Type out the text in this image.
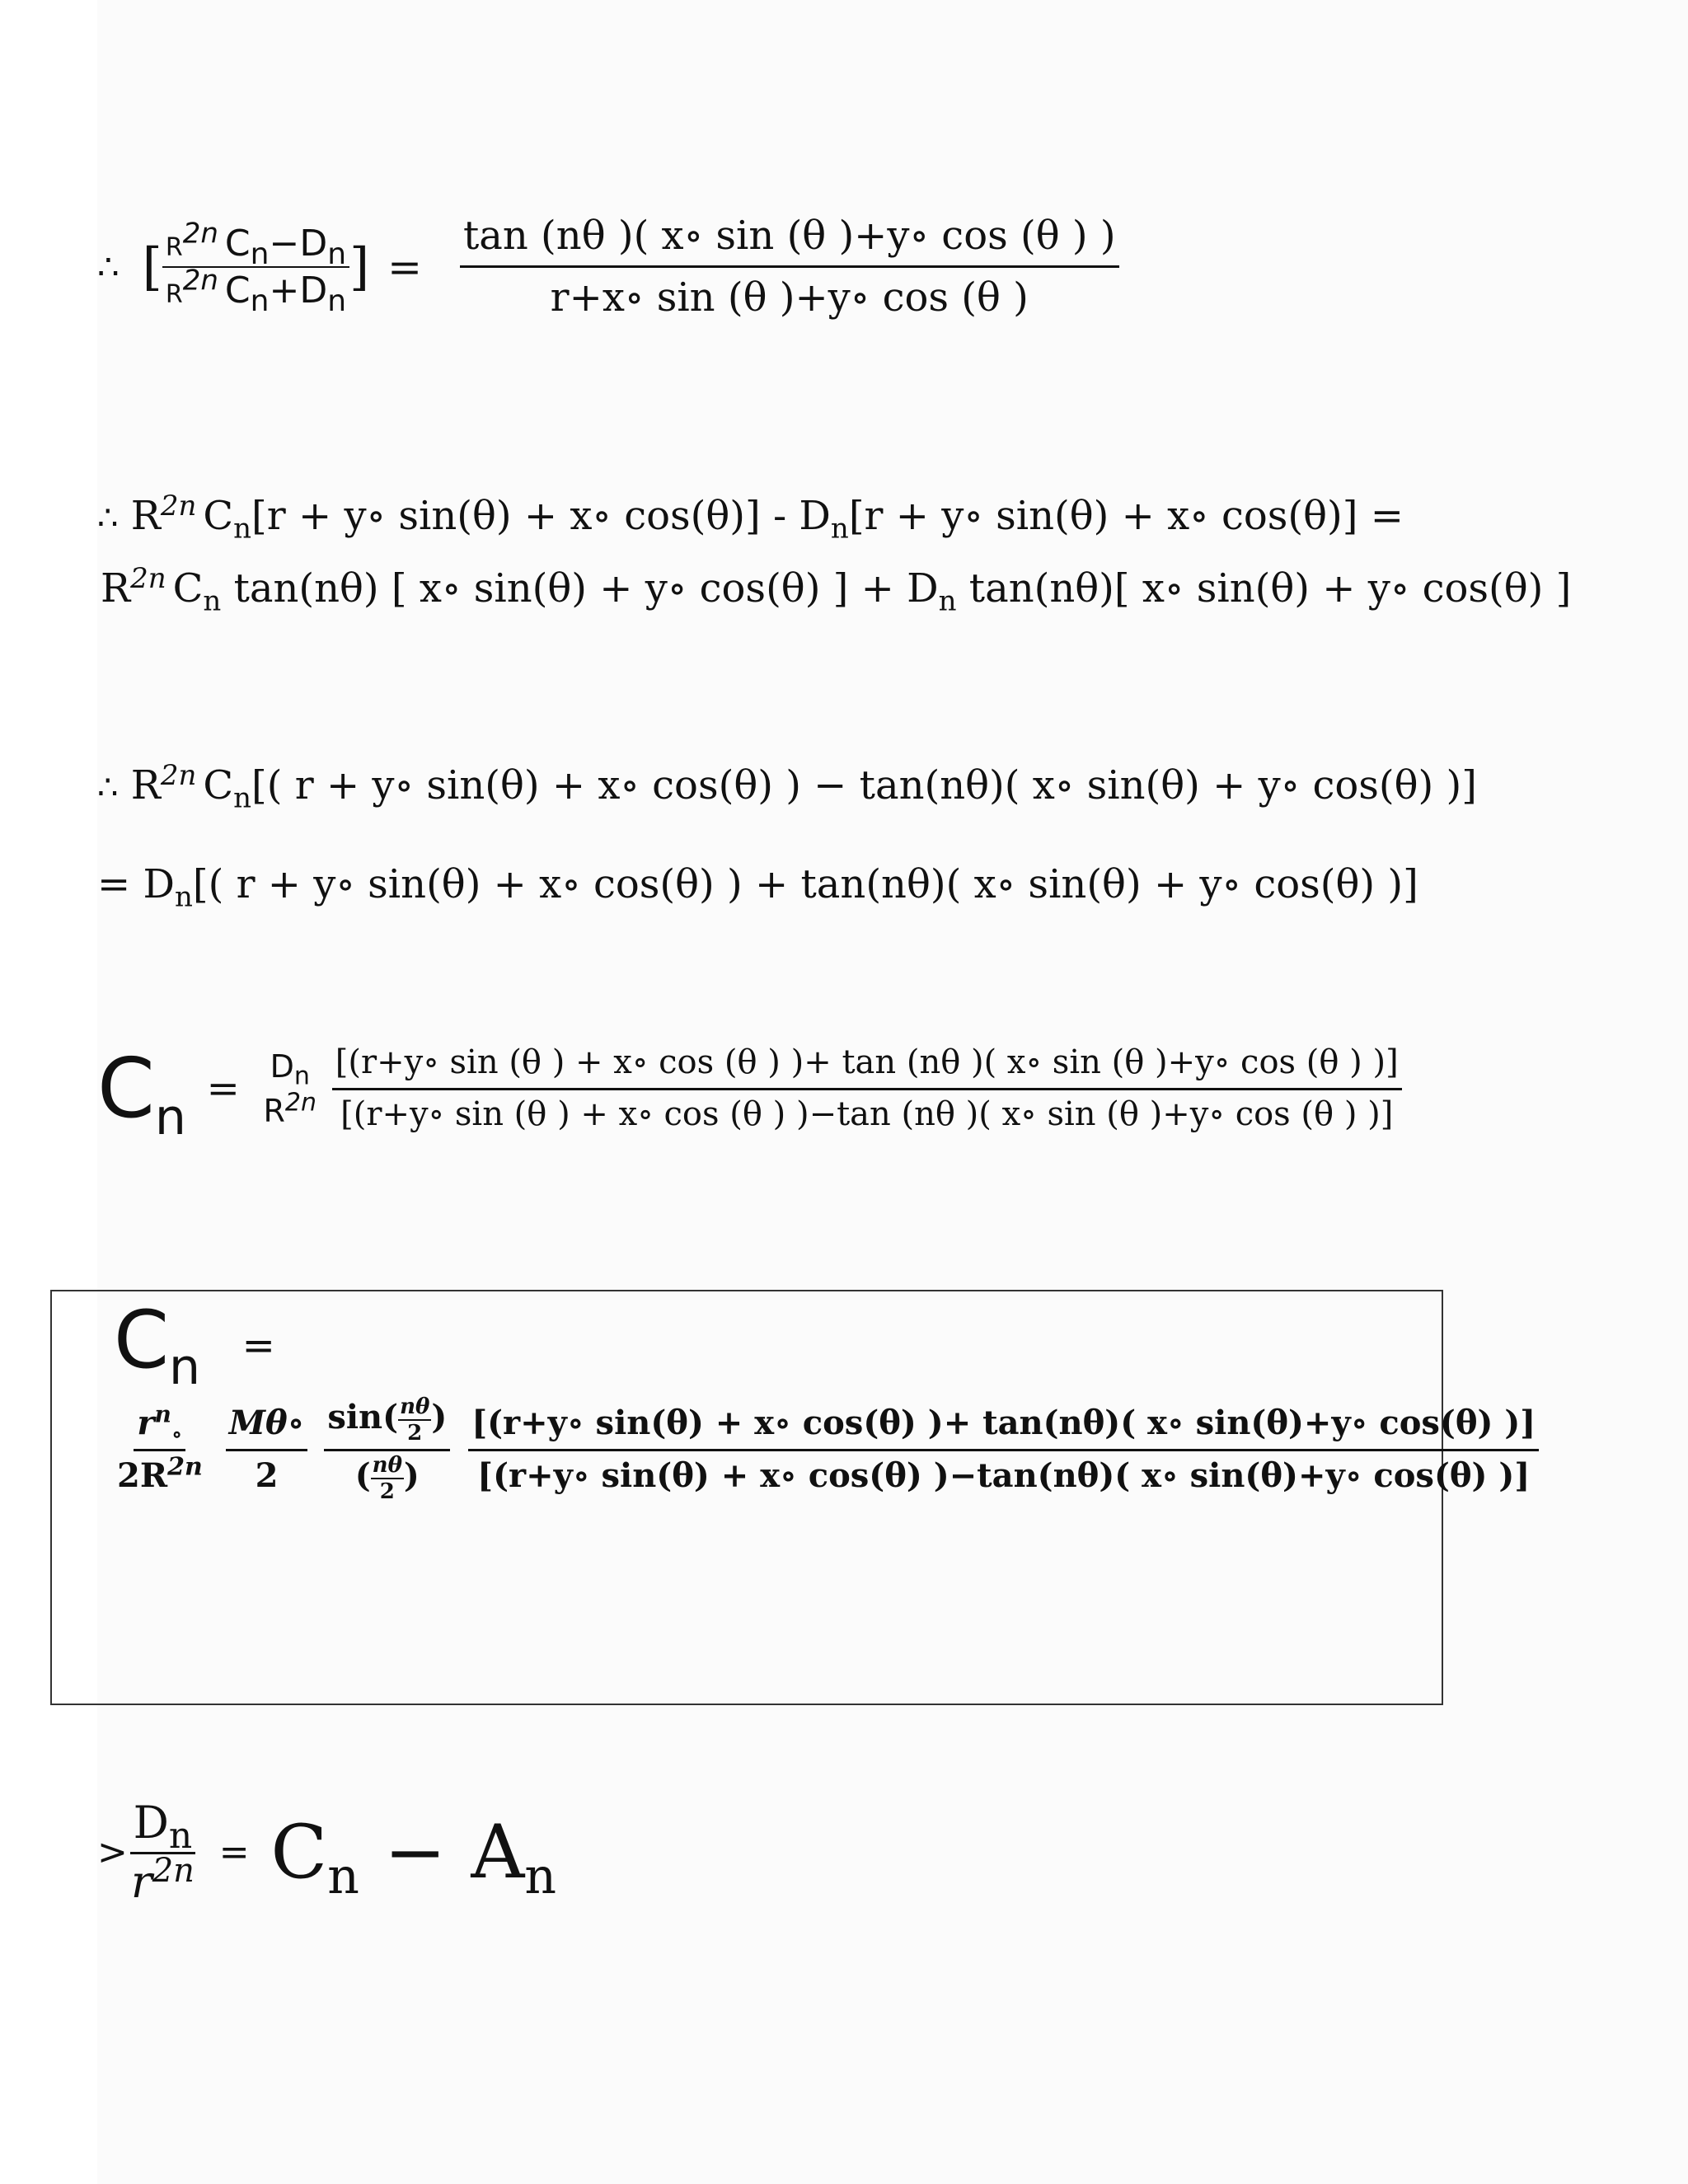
∴ [ $\frac{R^{2n} C_n-D_n}{R^{2n} C_n+D_n}$ ] = $\frac{\tan (n\theta )( x\circ \sin (\theta )+y\circ \cos (\theta ) )}{r+x\circ \sin (\theta )+y\circ \cos (\theta )}$
∴ $R^{2n}$ $C_n[r$ + y∘ sin(θ) + x∘ $\cos(\theta)] - D_n[r$ + y∘ sin(θ) + x∘ cos(θ)] =
$R^{2n}$ $C_n$ tan(nθ) [ x∘ sin(θ) + y∘ cos(θ) ] + $D_n$ tan(nθ)[ x∘ sin(θ) + y∘ cos(θ) ]
∴ $R^{2n}$ $C_n$[( r + y∘ sin(θ) + x∘ cos(θ) ) − tan(nθ)( x∘ sin(θ) + y∘ cos(θ) )]
= $D_n$[( r + y∘ sin(θ) + x∘ cos(θ) ) + tan(nθ)( x∘ sin(θ) + y∘ cos(θ) )]
$C_n = D_n$
$R^{2n}$

[(r+y∘ sin (θ ) + x∘ cos (θ ) )+ tan (nθ )( x∘ sin (θ )+y∘ cos (θ ) )]
[(r+y∘ sin (θ ) + x∘ cos (θ ) )−tan (nθ )( x∘ sin (θ )+y∘ cos (θ ) )]
$C_n$ =
$\frac{r^n_\circ}{2R^{2n}}$
$\frac{M\theta\circ}{2}$
$\frac{\sin( \frac{n\theta}{2} )}{( \frac{n\theta}{2} )}$
$\frac{[(r+y\circ \sin(\theta) + x\circ \cos(\theta) )+ \tan(n\theta)( x\circ \sin(\theta)+y\circ \cos(\theta) )]}{[(r+y\circ \sin(\theta) + x\circ \cos(\theta) )-\tan(n\theta)( x\circ \sin(\theta)+y\circ \cos(\theta) )]}$
> $\frac{D_n}{r^{2n}} = C_n - A_n$
